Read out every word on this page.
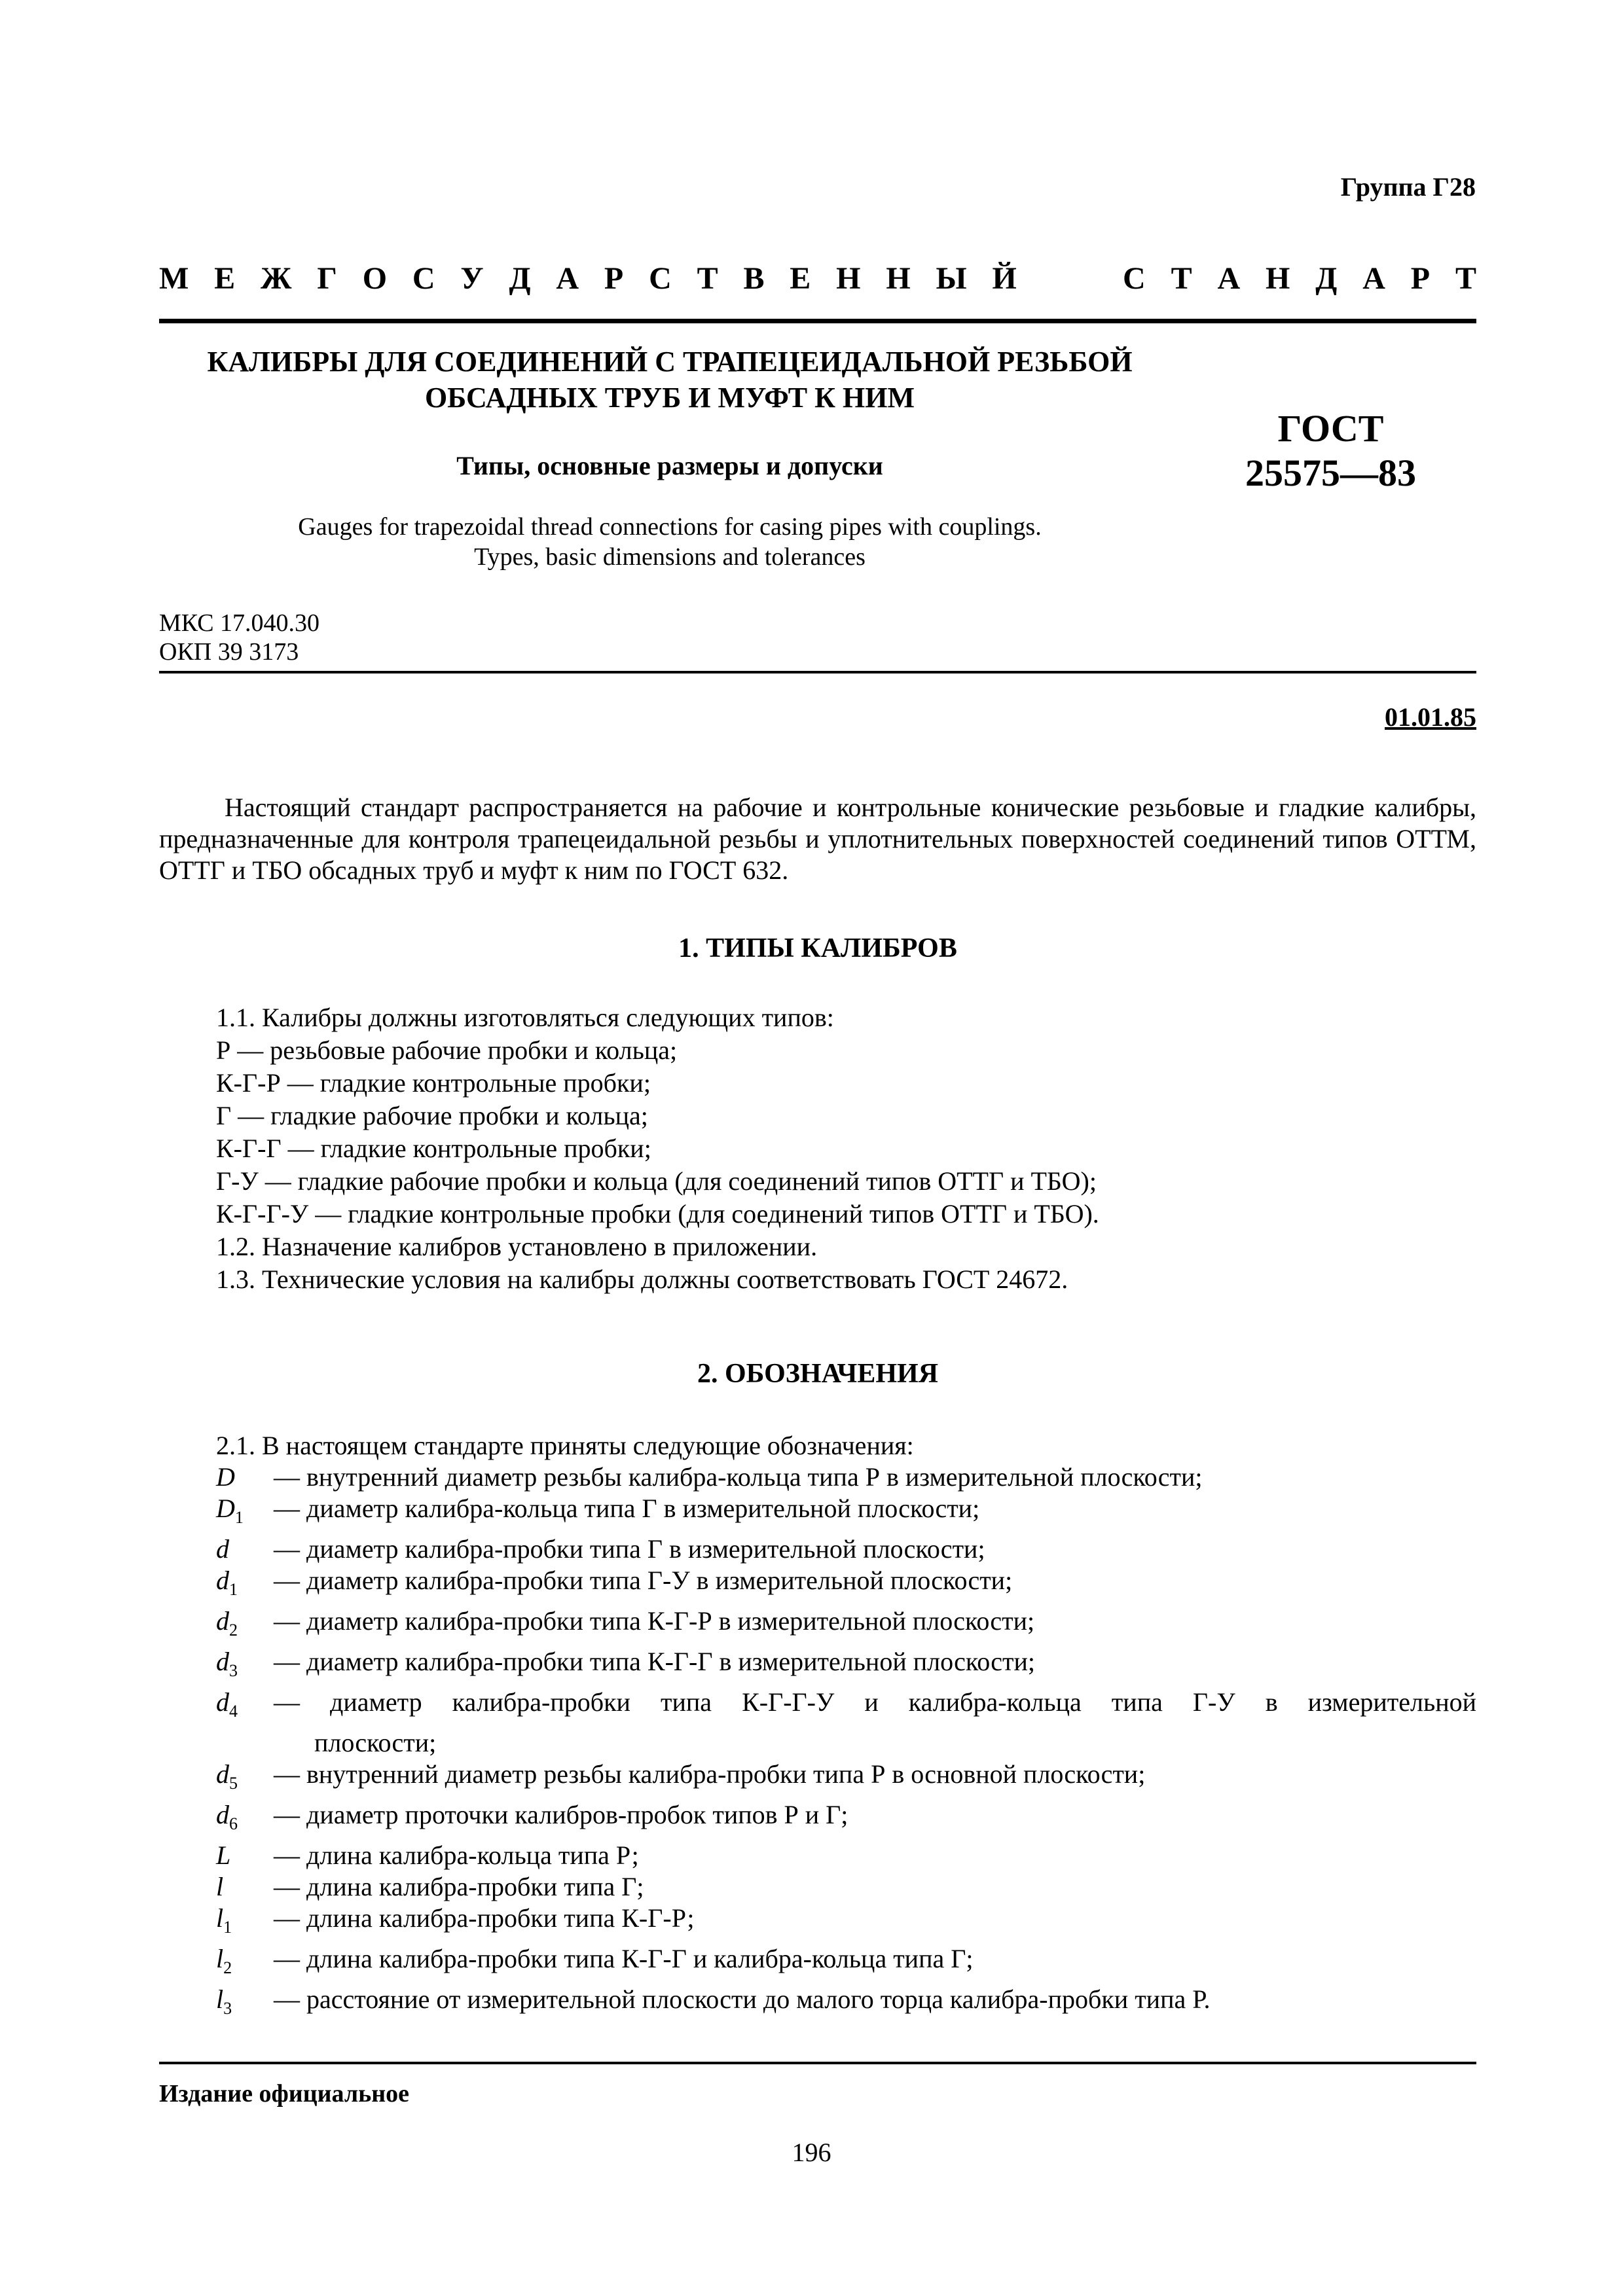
Группа Г28
М Е Ж Г О С У Д А Р С Т В Е Н Н Ы Й	С Т А Н Д А Р Т
КАЛИБРЫ ДЛЯ СОЕДИНЕНИЙ С ТРАПЕЦЕИДАЛЬНОЙ РЕЗЬБОЙ
ОБСАДНЫХ ТРУБ И МУФТ К НИМ
ГОСТ
25575—83
Типы, основные размеры и допуски
Gauges for trapezoidal thread connections for casing pipes with couplings.
Types, basic dimensions and tolerances
МКС 17.040.30
ОКП 39 3173
01.01.85
Настоящий стандарт распространяется на рабочие и контрольные конические резьбовые и гладкие калибры, предназначенные для контроля трапецеидальной резьбы и уплотнительных поверхностей соединений типов ОТТМ, ОТТГ и ТБО обсадных труб и муфт к ним по ГОСТ 632.
1. ТИПЫ КАЛИБРОВ
1.1. Калибры должны изготовляться следующих типов:
Р — резьбовые рабочие пробки и кольца;
К-Г-Р — гладкие контрольные пробки;
Г — гладкие рабочие пробки и кольца;
К-Г-Г — гладкие контрольные пробки;
Г-У — гладкие рабочие пробки и кольца (для соединений типов ОТТГ и ТБО);
К-Г-Г-У — гладкие контрольные пробки (для соединений типов ОТТГ и ТБО).
1.2. Назначение калибров установлено в приложении.
1.3. Технические условия на калибры должны соответствовать ГОСТ 24672.
2. ОБОЗНАЧЕНИЯ
2.1. В настоящем стандарте приняты следующие обозначения:
D	— внутренний диаметр резьбы калибра-кольца типа Р в измерительной плоскости;
$D_1$	— диаметр калибра-кольца типа Г в измерительной плоскости;
d	— диаметр калибра-пробки типа Г в измерительной плоскости;
$d_1$	— диаметр калибра-пробки типа Г-У в измерительной плоскости;
$d_2$	— диаметр калибра-пробки типа К-Г-Р в измерительной плоскости;
$d_3$	— диаметр калибра-пробки типа К-Г-Г в измерительной плоскости;
$d_4$	— диаметр калибра-пробки типа К-Г-Г-У и калибра-кольца типа Г-У в измерительной
плоскости;
$d_5$	— внутренний диаметр резьбы калибра-пробки типа Р в основной плоскости;
$d_6$	— диаметр проточки калибров-пробок типов Р и Г;
L	— длина калибра-кольца типа Р;
l	— длина калибра-пробки типа Г;
$l_1$	— длина калибра-пробки типа К-Г-Р;
$l_2$	— длина калибра-пробки типа К-Г-Г и калибра-кольца типа Г;
$l_3$	— расстояние от измерительной плоскости до малого торца калибра-пробки типа Р.
Издание официальное
196
